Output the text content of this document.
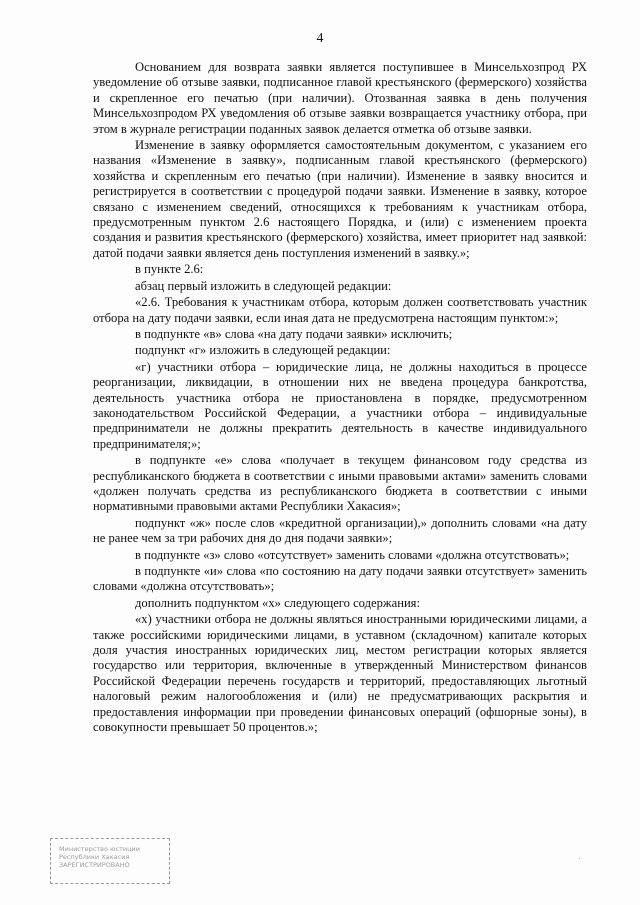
4

Основанием для возврата заявки является поступившее в Минсельхозпрод РХ уведомление об отзыве заявки, подписанное главой крестьянского (фермерского) хозяйства и скрепленное его печатью (при наличии). Отозванная заявка в день получения Минсельхозпродом РХ уведомления об отзыве заявки возвращается участнику отбора, при этом в журнале регистрации поданных заявок делается отметка об отзыве заявки.

Изменение в заявку оформляется самостоятельным документом, с указанием его названия «Изменение в заявку», подписанным главой крестьянского (фермерского) хозяйства и скрепленным его печатью (при наличии). Изменение в заявку вносится и регистрируется в соответствии с процедурой подачи заявки. Изменение в заявку, которое связано с изменением сведений, относящихся к требованиям к участникам отбора, предусмотренным пунктом 2.6 настоящего Порядка, и (или) с изменением проекта создания и развития крестьянского (фермерского) хозяйства, имеет приоритет над заявкой: датой подачи заявки является день поступления изменений в заявку.»;

в пункте 2.6:

абзац первый изложить в следующей редакции:

«2.6. Требования к участникам отбора, которым должен соответствовать участник отбора на дату подачи заявки, если иная дата не предусмотрена настоящим пунктом:»;

в подпункте «в» слова «на дату подачи заявки» исключить;

подпункт «г» изложить в следующей редакции:

«г) участники отбора – юридические лица, не должны находиться в процессе реорганизации, ликвидации, в отношении них не введена процедура банкротства, деятельность участника отбора не приостановлена в порядке, предусмотренном законодательством Российской Федерации, а участники отбора – индивидуальные предприниматели не должны прекратить деятельность в качестве индивидуального предпринимателя;»;

в подпункте «е» слова «получает в текущем финансовом году средства из республиканского бюджета в соответствии с иными правовыми актами» заменить словами «должен получать средства из республиканского бюджета в соответствии с иными нормативными правовыми актами Республики Хакасия»;

подпункт «ж» после слов «кредитной организации),» дополнить словами «на дату не ранее чем за три рабочих дня до дня подачи заявки»;

в подпункте «з» слово «отсутствует» заменить словами «должна отсутствовать»;

в подпункте «и» слова «по состоянию на дату подачи заявки отсутствует» заменить словами «должна отсутствовать»;

дополнить подпунктом «х» следующего содержания:

«х) участники отбора не должны являться иностранными юридическими лицами, а также российскими юридическими лицами, в уставном (складочном) капитале которых доля участия иностранных юридических лиц, местом регистрации которых является государство или территория, включенные в утвержденный Министерством финансов Российской Федерации перечень государств и территорий, предоставляющих льготный налоговый режим налогообложения и (или) не предусматривающих раскрытия и предоставления информации при проведении финансовых операций (офшорные зоны), в совокупности превышает 50 процентов.»;

Министерство юстиции
Республики Хакасия
ЗАРЕГИСТРИРОВАНО	·
